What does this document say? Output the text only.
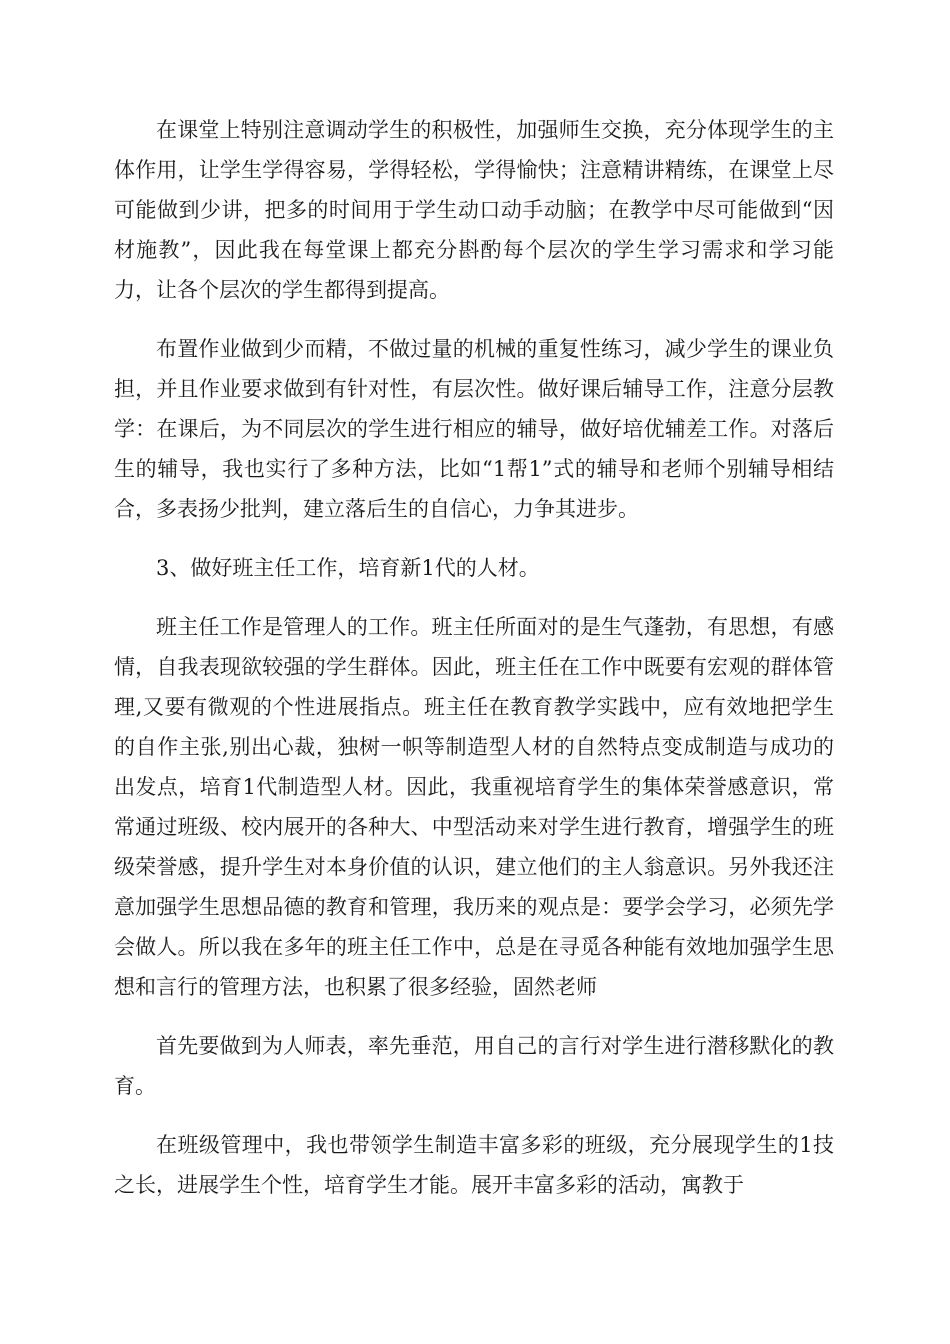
在课堂上特别注意调动学生的积极性，加强师生交换，充分体现学生的主体作用，让学生学得容易，学得轻松，学得愉快；注意精讲精练，在课堂上尽可能做到少讲，把多的时间用于学生动口动手动脑；在教学中尽可能做到“因材施教”，因此我在每堂课上都充分斟酌每个层次的学生学习需求和学习能力，让各个层次的学生都得到提高。

布置作业做到少而精，不做过量的机械的重复性练习，减少学生的课业负担，并且作业要求做到有针对性，有层次性。做好课后辅导工作，注意分层教学：在课后，为不同层次的学生进行相应的辅导，做好培优辅差工作。对落后生的辅导，我也实行了多种方法，比如“1帮1”式的辅导和老师个别辅导相结合，多表扬少批判，建立落后生的自信心，力争其进步。

3、做好班主任工作，培育新1代的人材。

班主任工作是管理人的工作。班主任所面对的是生气蓬勃，有思想，有感情，自我表现欲较强的学生群体。因此，班主任在工作中既要有宏观的群体管理,又要有微观的个性进展指点。班主任在教育教学实践中，应有效地把学生的自作主张,别出心裁，独树一帜等制造型人材的自然特点变成制造与成功的出发点，培育1代制造型人材。因此，我重视培育学生的集体荣誉感意识，常常通过班级、校内展开的各种大、中型活动来对学生进行教育，增强学生的班级荣誉感，提升学生对本身价值的认识，建立他们的主人翁意识。另外我还注意加强学生思想品德的教育和管理，我历来的观点是：要学会学习，必须先学会做人。所以我在多年的班主任工作中，总是在寻觅各种能有效地加强学生思想和言行的管理方法，也积累了很多经验，固然老师

首先要做到为人师表，率先垂范，用自己的言行对学生进行潜移默化的教育。

在班级管理中，我也带领学生制造丰富多彩的班级，充分展现学生的1技之长，进展学生个性，培育学生才能。展开丰富多彩的活动，寓教于
